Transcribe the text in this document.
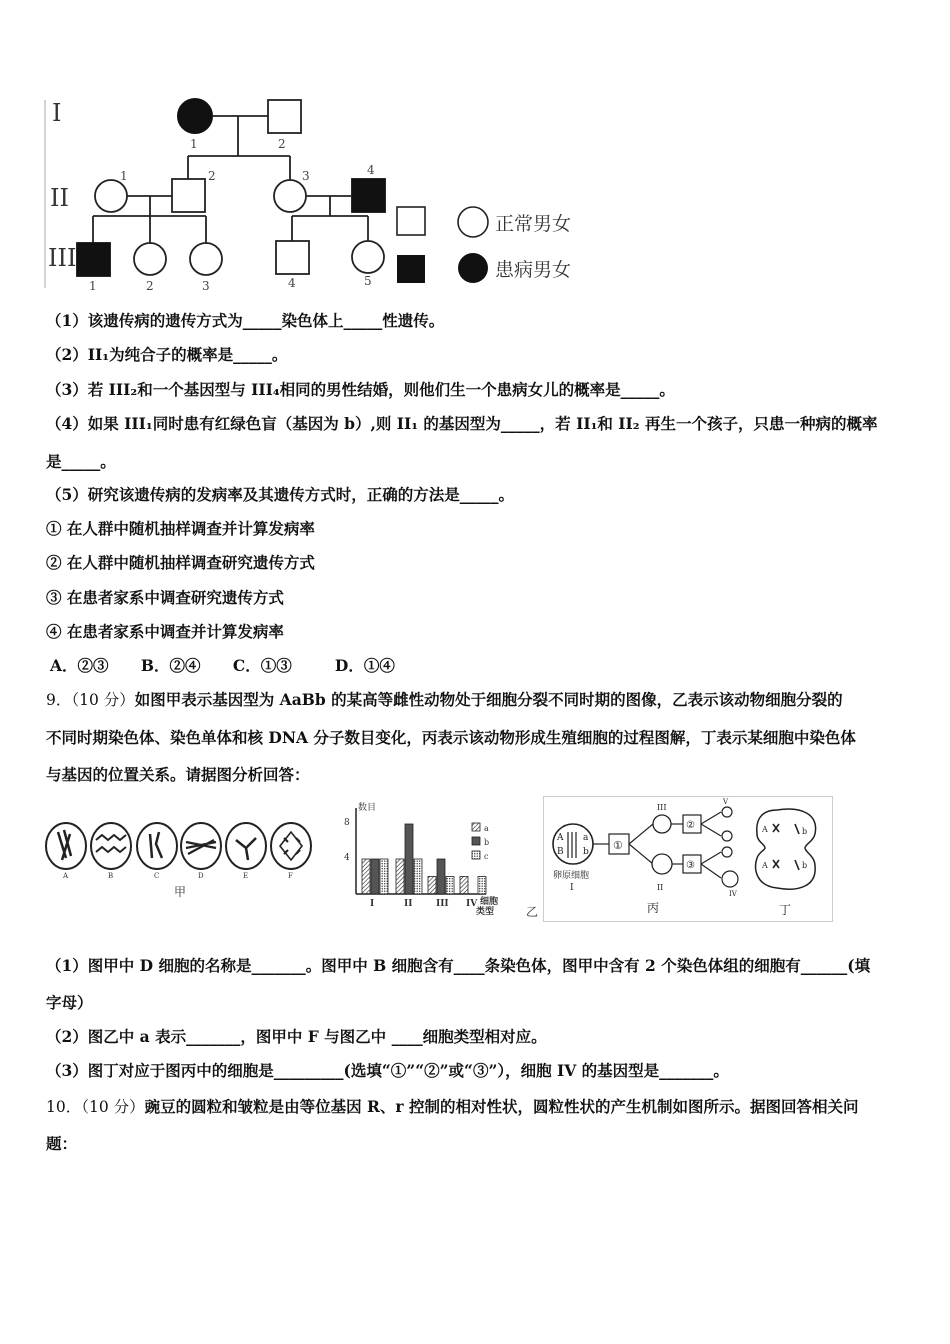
I
II
III
1	2
1	2	3	4
1	2	3	4	5
正常男女
患病男女
（1）该遗传病的遗传方式为_____染色体上_____性遗传。
（2）II₁为纯合子的概率是_____。
（3）若 III₂和一个基因型与 III₄相同的男性结婚，则他们生一个患病女儿的概率是_____。
（4）如果 III₁同时患有红绿色盲（基因为 b）,则 II₁ 的基因型为_____，若 II₁和 II₂ 再生一个孩子，只患一种病的概率
是_____。
（5）研究该遗传病的发病率及其遗传方式时，正确的方法是_____。
① 在人群中随机抽样调查并计算发病率
② 在人群中随机抽样调查研究遗传方式
③ 在患者家系中调查研究遗传方式
④ 在患者家系中调查并计算发病率
A．②③      B．②④      C．①③        D．①④
9．（10 分）如图甲表示基因型为 AaBb 的某高等雌性动物处于细胞分裂不同时期的图像，乙表示该动物细胞分裂的
不同时期染色体、染色单体和核 DNA 分子数目变化，丙表示该动物形成生殖细胞的过程图解，丁表示某细胞中染色体
与基因的位置关系。请据图分析回答：
A	B	C	D	E	F
甲
数目
8
4
a
b
c
I	II	III IV 细胞
类型	乙
A a
B b
卵原细胞
I
①
III
II
②
③
V
IV
丙
A	b
A	b
丁
（1）图甲中 D 细胞的名称是_______。图甲中 B 细胞含有____条染色体，图甲中含有 2 个染色体组的细胞有______(填
字母）
（2）图乙中 a 表示_______，图甲中 F 与图乙中 ____细胞类型相对应。
（3）图丁对应于图丙中的细胞是_________(选填“①”“②”或“③”），细胞 IV 的基因型是_______。
10．（10 分）豌豆的圆粒和皱粒是由等位基因 R、r 控制的相对性状，圆粒性状的产生机制如图所示。据图回答相关问
题：
